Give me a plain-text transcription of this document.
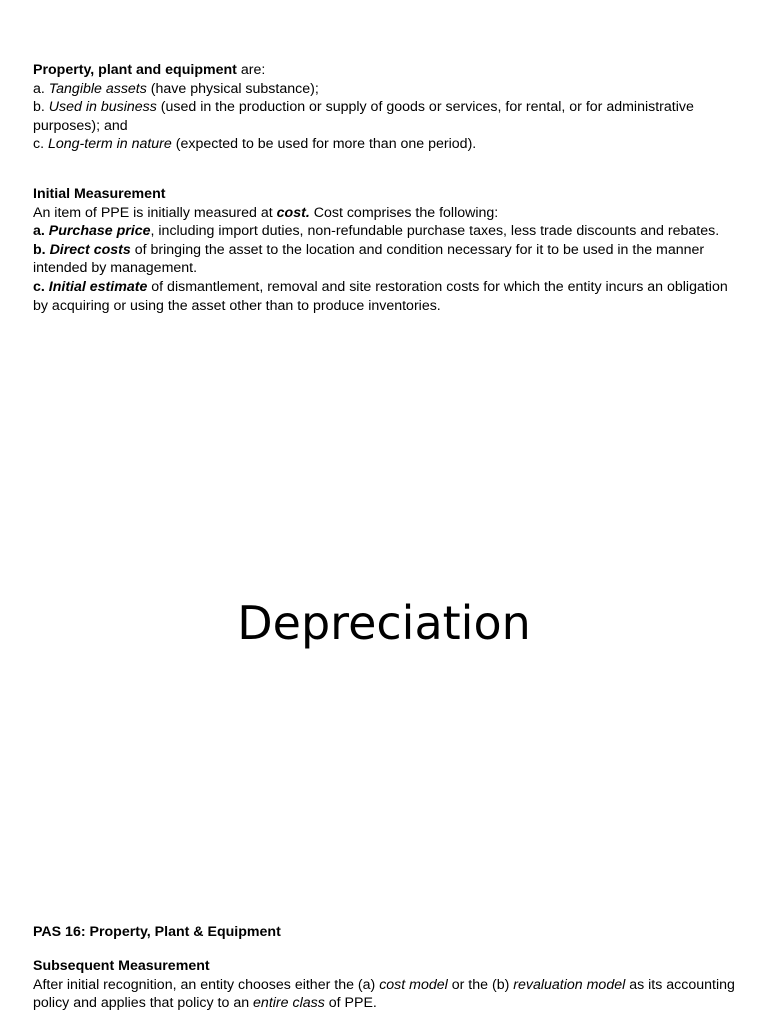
Property, plant and equipment are:

a. Tangible assets (have physical substance);

b. Used in business (used in the production or supply of goods or services, for rental, or for administrative purposes); and

c. Long-term in nature (expected to be used for more than one period).

Initial Measurement

An item of PPE is initially measured at cost. Cost comprises the following:

a. Purchase price, including import duties, non-refundable purchase taxes, less trade discounts and rebates.

b. Direct costs of bringing the asset to the location and condition necessary for it to be used in the manner intended by management.

c. Initial estimate of dismantlement, removal and site restoration costs for which the entity incurs an obligation by acquiring or using the asset other than to produce inventories.

Depreciation

PAS 16: Property, Plant & Equipment

Subsequent Measurement

After initial recognition, an entity chooses either the (a) cost model or the (b) revaluation model as its accounting policy and applies that policy to an entire class of PPE.
